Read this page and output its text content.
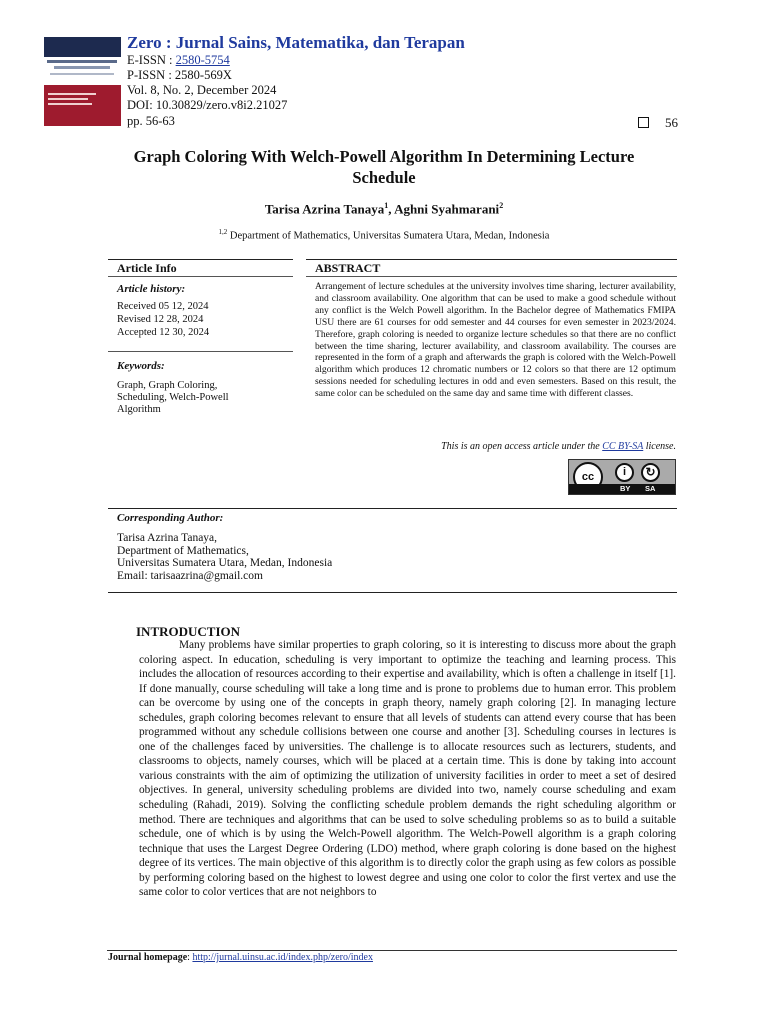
Zero : Jurnal Sains, Matematika, dan Terapan
E-ISSN : 2580-5754
P-ISSN : 2580-569X
Vol. 8, No. 2, December 2024
DOI: 10.30829/zero.v8i2.21027
pp. 56-63	56
Graph Coloring With Welch-Powell Algorithm In Determining Lecture Schedule
Tarisa Azrina Tanaya$^1$, Aghni Syahmarani$^2$
$^{1,2}$ Department of Mathematics, Universitas Sumatera Utara, Medan, Indonesia
Article Info
Article history:
Received 05 12, 2024
Revised 12 28, 2024
Accepted 12 30, 2024
Keywords:
Graph, Graph Coloring,
Scheduling, Welch-Powell
Algorithm
ABSTRACT
Arrangement of lecture schedules at the university involves time sharing, lecturer availability, and classroom availability. One algorithm that can be used to make a good schedule without any conflict is the Welch Powell algorithm. In the Bachelor degree of Mathematics FMIPA USU there are 61 courses for odd semester and 44 courses for even semester in 2023/2024. Therefore, graph coloring is needed to organize lecture schedules so that there are no conflict between the time sharing, lecturer availability, and classroom availability. The courses are represented in the form of a graph and afterwards the graph is colored with the Welch-Powell algorithm which produces 12 chromatic numbers or 12 colors so that there are 12 optimum sessions needed for scheduling lectures in odd and even semesters. Based on this result, the same color can be scheduled on the same day and same time with different classes.
This is an open access article under the CC BY-SA license.
cc	i	↻
BY SA
Corresponding Author:
Tarisa Azrina Tanaya,
Department of Mathematics,
Universitas Sumatera Utara, Medan, Indonesia
Email: tarisaazrina@gmail.com
INTRODUCTION
Many problems have similar properties to graph coloring, so it is interesting to discuss more about the graph coloring aspect. In education, scheduling is very important to optimize the teaching and learning process. This includes the allocation of resources according to their expertise and availability, which is often a challenge in itself [1]. If done manually, course scheduling will take a long time and is prone to problems due to human error. This problem can be overcome by using one of the concepts in graph theory, namely graph coloring [2]. In managing lecture schedules, graph coloring becomes relevant to ensure that all levels of students can attend every course that has been programmed without any schedule collisions between one course and another [3]. Scheduling courses in lectures is one of the challenges faced by universities. The challenge is to allocate resources such as lecturers, students, and classrooms to objects, namely courses, which will be placed at a certain time. This is done by taking into account various constraints with the aim of optimizing the utilization of university facilities in order to meet a set of desired objectives. In general, university scheduling problems are divided into two, namely course scheduling and exam scheduling (Rahadi, 2019). Solving the conflicting schedule problem demands the right scheduling algorithm or method. There are techniques and algorithms that can be used to solve scheduling problems so as to build a suitable schedule, one of which is by using the Welch-Powell algorithm. The Welch-Powell algorithm is a graph coloring technique that uses the Largest Degree Ordering (LDO) method, where graph coloring is done based on the highest degree of its vertices. The main objective of this algorithm is to directly color the graph using as few colors as possible by performing coloring based on the highest to lowest degree and using one color to color the first vertex and use the same color to color vertices that are not neighbors to
Journal homepage: http://jurnal.uinsu.ac.id/index.php/zero/index
